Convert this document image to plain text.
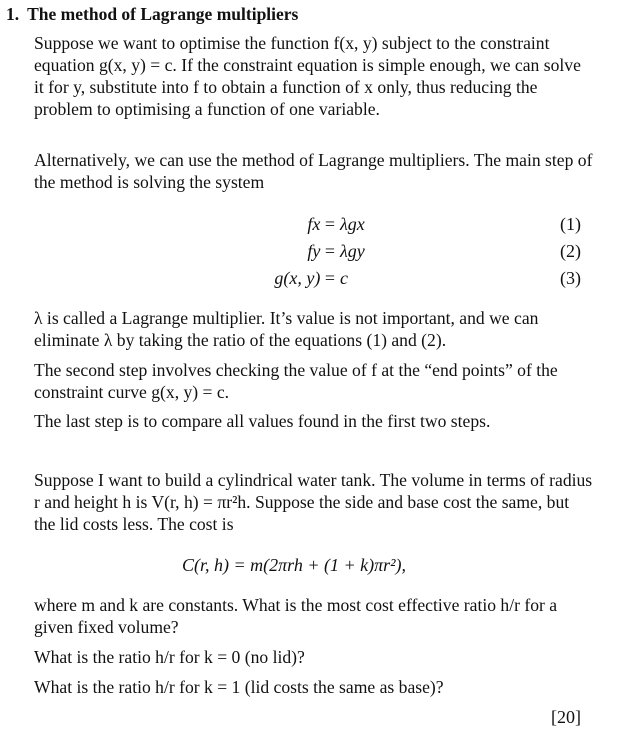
1. The method of Lagrange multipliers
Suppose we want to optimise the function f(x, y) subject to the constraint equation g(x, y) = c. If the constraint equation is simple enough, we can solve it for y, substitute into f to obtain a function of x only, thus reducing the problem to optimising a function of one variable.
Alternatively, we can use the method of Lagrange multipliers. The main step of the method is solving the system
fx = λgx	(1)
fy = λgy	(2)
g(x, y) = c	(3)
λ is called a Lagrange multiplier. It’s value is not important, and we can eliminate λ by taking the ratio of the equations (1) and (2).
The second step involves checking the value of f at the “end points” of the constraint curve g(x, y) = c.
The last step is to compare all values found in the first two steps.
Suppose I want to build a cylindrical water tank. The volume in terms of radius r and height h is V(r, h) = πr²h. Suppose the side and base cost the same, but the lid costs less. The cost is
C(r, h) = m(2πrh + (1 + k)πr²),
where m and k are constants. What is the most cost effective ratio h/r for a given fixed volume?
What is the ratio h/r for k = 0 (no lid)?
What is the ratio h/r for k = 1 (lid costs the same as base)?
[20]
